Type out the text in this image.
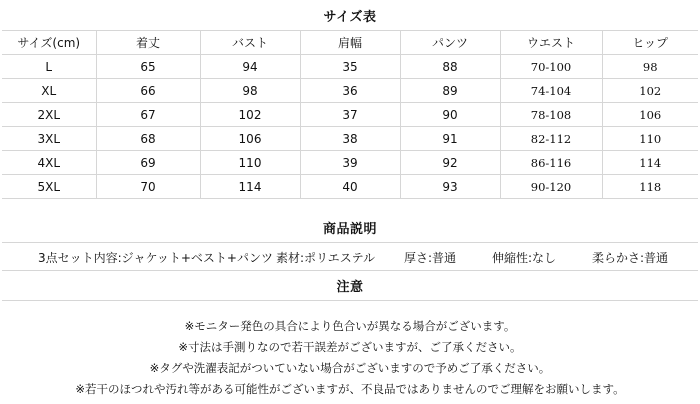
サイズ表
サイズ(cm)	着丈	バスト	肩幅	パンツ	ウエスト	ヒップ
L	65	94	35	88	70-100	98
XL	66	98	36	89	74-104	102
2XL	67	102	37	90	78-108	106
3XL	68	106	38	91	82-112	110
4XL	69	110	39	92	86-116	114
5XL	70	114	40	93	90-120	118
商品説明
3点セット内容:ジャケット+ベスト+パンツ 素材:ポリエステル 厚さ:普通	伸縮性:なし	柔らかさ:普通
注意
※モニター発色の具合により色合いが異なる場合がございます。
※寸法は手測りなので若干誤差がございますが、ご了承ください。
※タグや洗濯表記がついていない場合がございますので予めご了承ください。
※若干のほつれや汚れ等がある可能性がございますが、不良品ではありませんのでご理解をお願いします。
